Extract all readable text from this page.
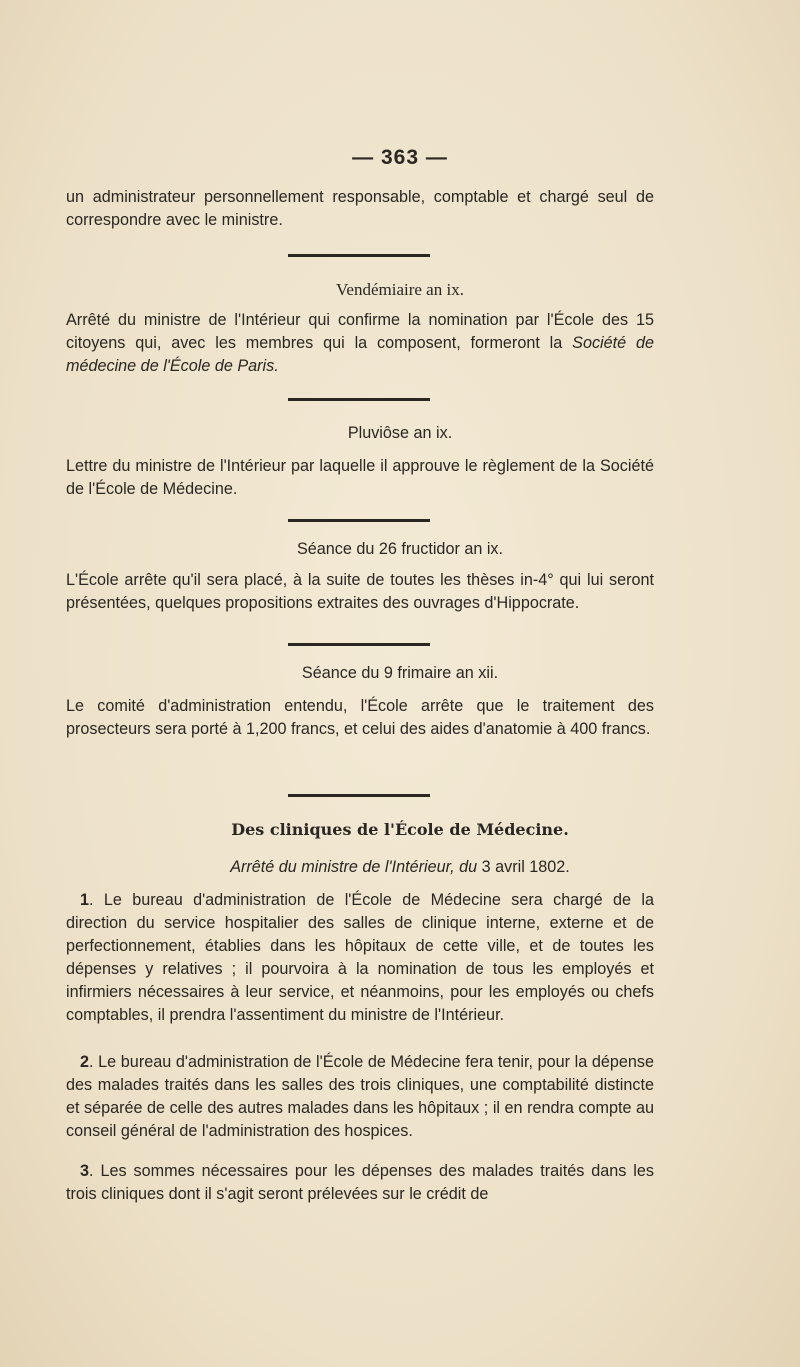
— 363 —

un administrateur personnellement responsable, comptable et chargé seul de correspondre avec le ministre.

Vendémiaire an ix.

Arrêté du ministre de l'Intérieur qui confirme la nomination par l'École des 15 citoyens qui, avec les membres qui la composent, formeront la Société de médecine de l'École de Paris.

Pluviôse an ix.

Lettre du ministre de l'Intérieur par laquelle il approuve le règlement de la Société de l'École de Médecine.

Séance du 26 fructidor an ix.

L'École arrête qu'il sera placé, à la suite de toutes les thèses in-4° qui lui seront présentées, quelques propositions extraites des ouvrages d'Hippocrate.

Séance du 9 frimaire an xii.

Le comité d'administration entendu, l'École arrête que le traitement des prosecteurs sera porté à 1,200 francs, et celui des aides d'anatomie à 400 francs.

Des cliniques de l'École de Médecine.

Arrêté du ministre de l'Intérieur, du 3 avril 1802.

1. Le bureau d'administration de l'École de Médecine sera chargé de la direction du service hospitalier des salles de clinique interne, externe et de perfectionnement, établies dans les hôpitaux de cette ville, et de toutes les dépenses y relatives ; il pourvoira à la nomination de tous les employés et infirmiers nécessaires à leur service, et néanmoins, pour les employés ou chefs comptables, il prendra l'assentiment du ministre de l'Intérieur.

2. Le bureau d'administration de l'École de Médecine fera tenir, pour la dépense des malades traités dans les salles des trois cliniques, une comptabilité distincte et séparée de celle des autres malades dans les hôpitaux ; il en rendra compte au conseil général de l'administration des hospices.

3. Les sommes nécessaires pour les dépenses des malades traités dans les trois cliniques dont il s'agit seront prélevées sur le crédit de
